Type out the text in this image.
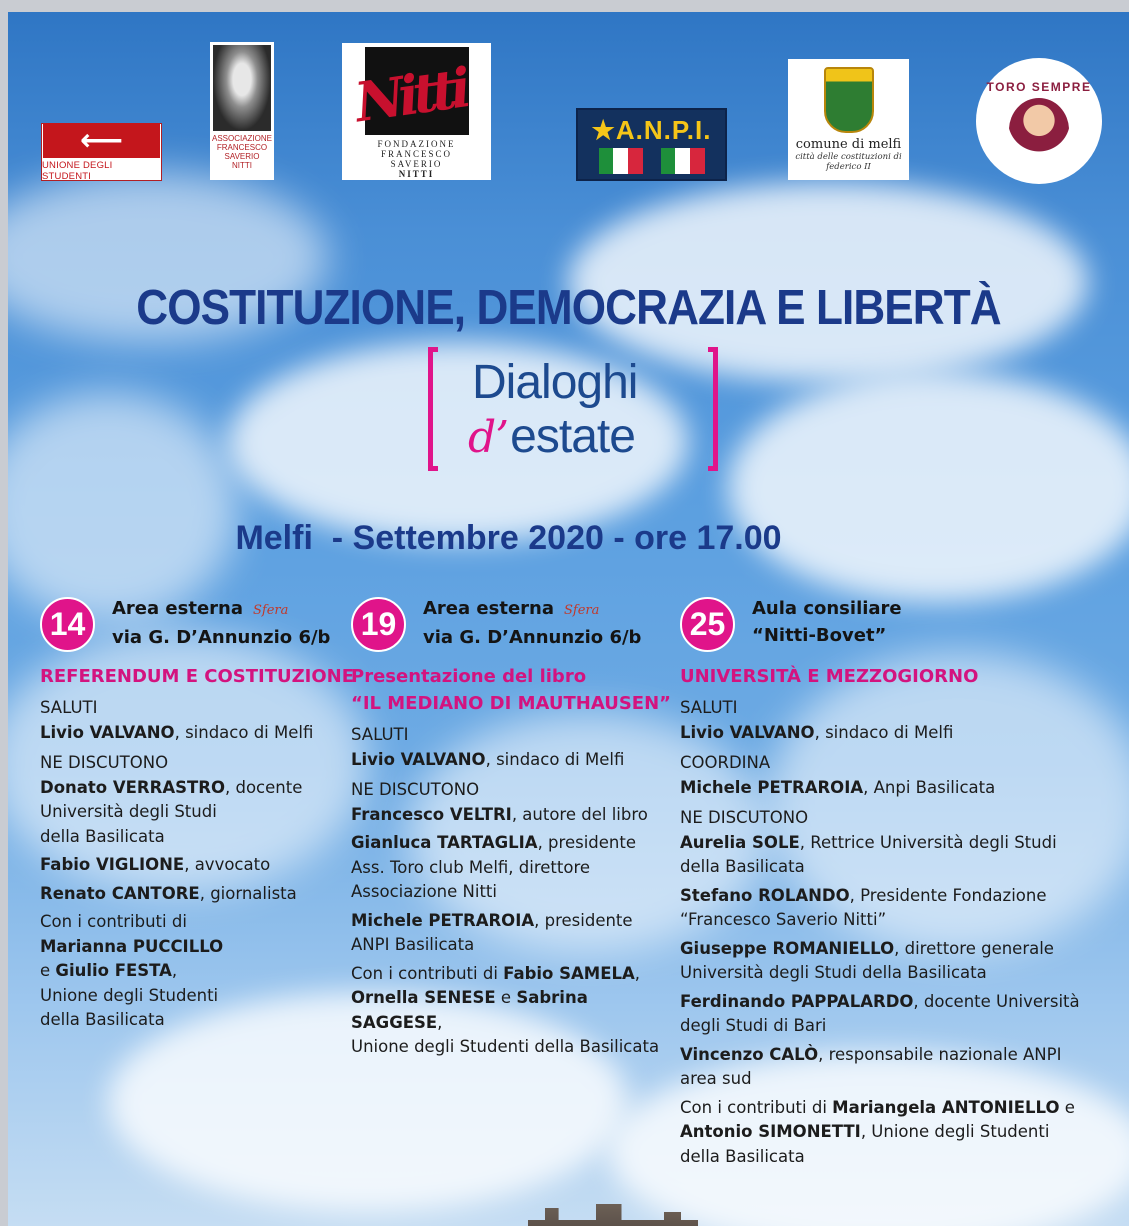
⟵
UNIONE DEGLI STUDENTI
ASSOCIAZIONE
FRANCESCO
SAVERIO
NITTI
Nitti
FONDAZIONE
FRANCESCO
SAVERIO
NITTI
★A.N.P.I.	comune di melfi
città delle costituzioni di federico II
TORO SEMPRE
COSTITUZIONE, DEMOCRAZIA E LIBERTÀ
Dialoghi
d’estate
Melfi  - Settembre 2020 - ore 17.00
14	Area esterna Sfera
via G. D’Annunzio 6/b
REFERENDUM E COSTITUZIONE
SALUTI
Livio VALVANO, sindaco di Melfi
NE DISCUTONO
Donato VERRASTRO, docente
Università degli Studi
della Basilicata
Fabio VIGLIONE, avvocato
Renato CANTORE, giornalista
Con i contributi di
Marianna PUCCILLO
e Giulio FESTA,
Unione degli Studenti
della Basilicata
19	Area esterna Sfera
via G. D’Annunzio 6/b
Presentazione del libro
“IL MEDIANO DI MAUTHAUSEN”
SALUTI
Livio VALVANO, sindaco di Melfi
NE DISCUTONO
Francesco VELTRI, autore del libro
Gianluca TARTAGLIA, presidente
Ass. Toro club Melfi, direttore
Associazione Nitti
Michele PETRAROIA, presidente
ANPI Basilicata
Con i contributi di Fabio SAMELA,
Ornella SENESE e Sabrina SAGGESE,
Unione degli Studenti della Basilicata
25	Aula consiliare
“Nitti-Bovet”
UNIVERSITÀ E MEZZOGIORNO
SALUTI
Livio VALVANO, sindaco di Melfi
COORDINA
Michele PETRAROIA, Anpi Basilicata
NE DISCUTONO
Aurelia SOLE, Rettrice Università degli Studi
della Basilicata
Stefano ROLANDO, Presidente Fondazione
“Francesco Saverio Nitti”
Giuseppe ROMANIELLO, direttore generale
Università degli Studi della Basilicata
Ferdinando PAPPALARDO, docente Università
degli Studi di Bari
Vincenzo CALÒ, responsabile nazionale ANPI
area sud
Con i contributi di Mariangela ANTONIELLO e
Antonio SIMONETTI, Unione degli Studenti
della Basilicata
